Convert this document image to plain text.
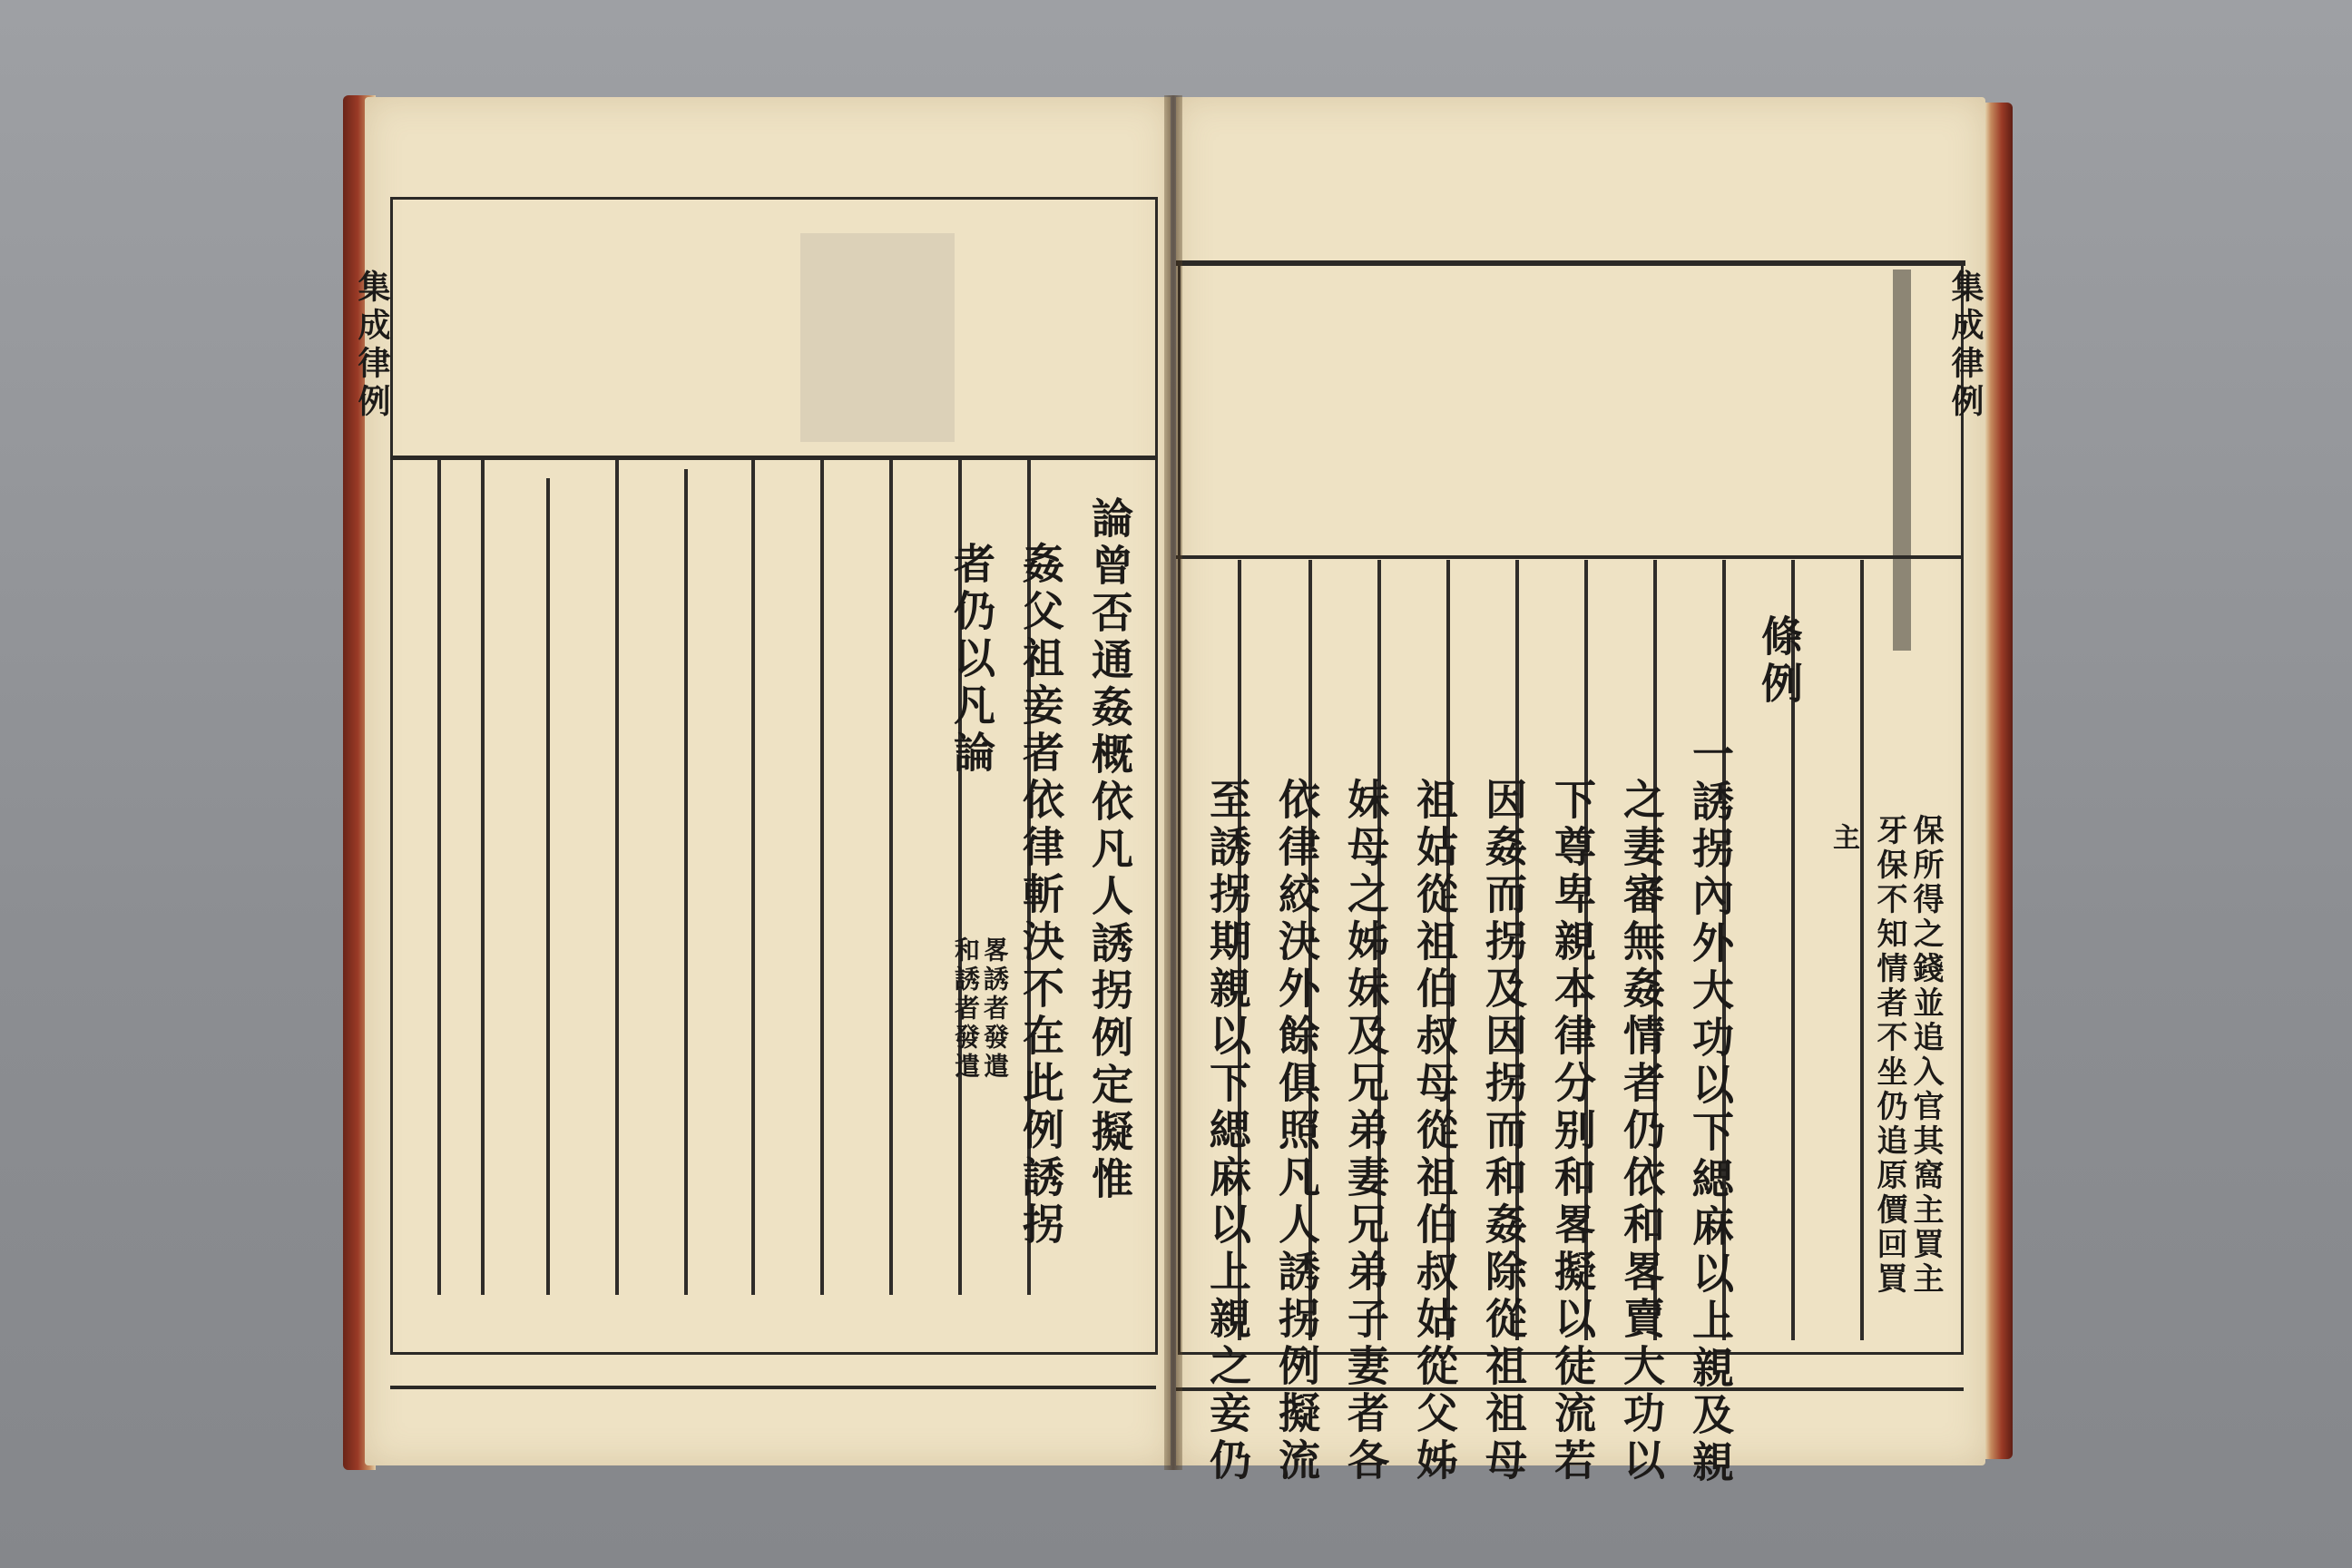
論曾否通姦概依凡人誘拐例定擬惟
姦父祖妾者依律斬決不在此例誘拐
者仍以凡論
畧誘者發遣
和誘者發遣
集成律例
保所得之錢並追入官其窩主買主
牙保不知情者不坐仍追原價回買
主
條例
一誘拐內外大功以下緦麻以上親及親
之妻審無姦情者仍依和畧賣大功以
下尊卑親本律分别和畧擬以徒流若
因姦而拐及因拐而和姦除從祖祖母
祖姑從祖伯叔母從祖伯叔姑從父姊
妹母之姊妹及兄弟妻兄弟子妻者各
依律絞決外餘俱照凡人誘拐例擬流
至誘拐期親以下緦麻以上親之妾仍
集成律例
